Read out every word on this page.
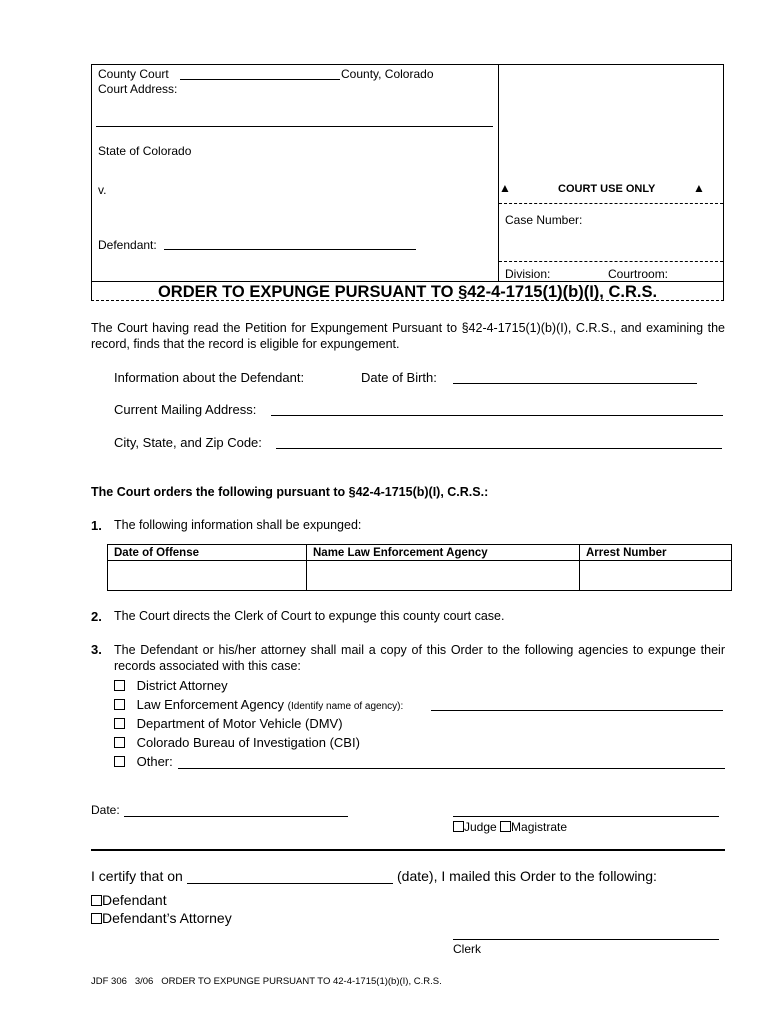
County Court	County, Colorado
Court Address:
State of Colorado
v.
Defendant:
▲	COURT USE ONLY	▲
Case Number:
Division:	Courtroom:
ORDER TO EXPUNGE PURSUANT TO §42-4-1715(1)(b)(I), C.R.S.
The Court having read the Petition for Expungement Pursuant to §42-4-1715(1)(b)(I), C.R.S., and examining the record, finds that the record is eligible for expungement.
Information about the Defendant:	Date of Birth:
Current Mailing Address:
City, State, and Zip Code:
The Court orders the following pursuant to §42-4-1715(b)(I), C.R.S.:
1. The following information shall be expunged:
Date of Offense	Name Law Enforcement Agency	Arrest Number

2. The Court directs the Clerk of Court to expunge this county court case.
3. The Defendant or his/her attorney shall mail a copy of this Order to the following agencies to expunge their records associated with this case:
District Attorney
Law Enforcement Agency (Identify name of agency):
Department of Motor Vehicle (DMV)
Colorado Bureau of Investigation (CBI)
Other:
Date:
Judge Magistrate
I certify that on	(date), I mailed this Order to the following:
Defendant
Defendant’s Attorney
Clerk
JDF 306   3/06   ORDER TO EXPUNGE PURSUANT TO 42-4-1715(1)(b)(I), C.R.S.
